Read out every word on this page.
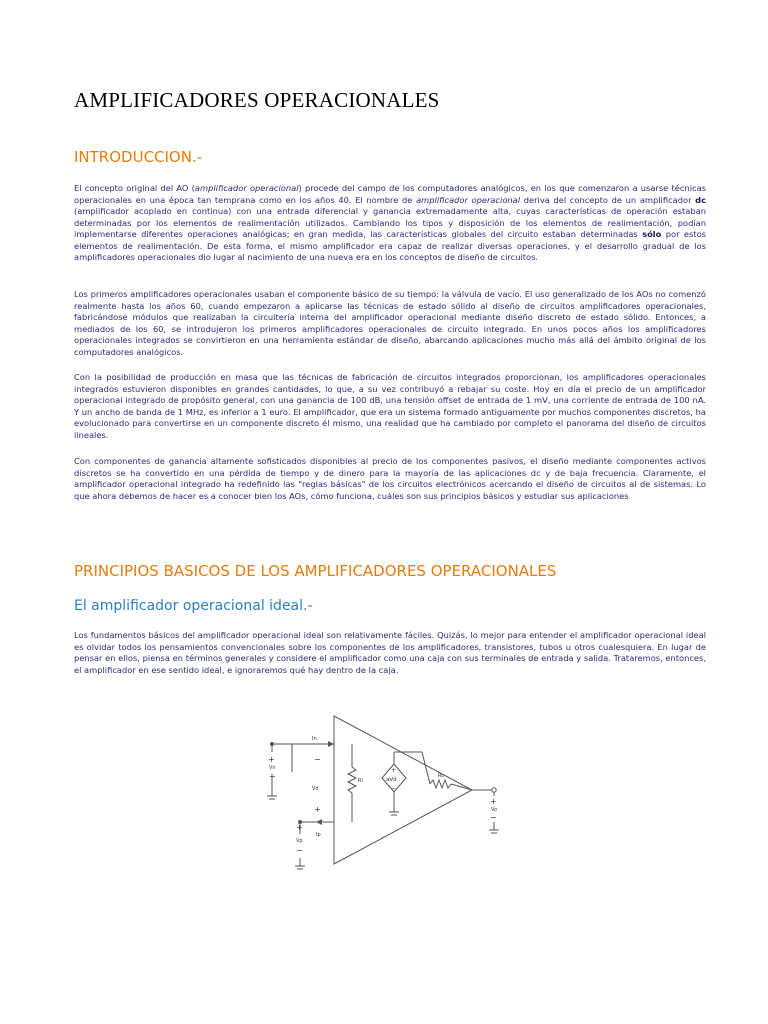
AMPLIFICADORES OPERACIONALES
INTRODUCCION.-

El concepto original del AO (amplificador operacional) procede del campo de los computadores analógicos, en los que comenzaron a usarse técnicas operacionales en una época tan temprana como en los años 40. El nombre de amplificador operacional deriva del concepto de un amplificador dc (amplificador acoplado en continua) con una entrada diferencial y ganancia extremadamente alta, cuyas características de operación estaban determinadas por los elementos de realimentación utilizados. Cambiando los tipos y disposición de los elementos de realimentación, podían implementarse diferentes operaciones analógicas; en gran medida, las características globales del circuito estaban determinadas sólo por estos elementos de realimentación. De esta forma, el mismo amplificador era capaz de realizar diversas operaciones, y el desarrollo gradual de los amplificadores operacionales dio lugar al nacimiento de una nueva era en los conceptos de diseño de circuitos.

Los primeros amplificadores operacionales usaban el componente básico de su tiempo: la válvula de vacío. El uso generalizado de los AOs no comenzó realmente hasta los años 60, cuando empezaron a aplicarse las técnicas de estado sólido al diseño de circuitos amplificadores operacionales, fabricándose módulos que realizaban la circuitería interna del amplificador operacional mediante diseño discreto de estado sólido. Entonces, a mediados de los 60, se introdujeron los primeros amplificadores operacionales de circuito integrado. En unos pocos años los amplificadores operacionales integrados se convirtieron en una herramienta estándar de diseño, abarcando aplicaciones mucho más allá del ámbito original de los computadores analógicos.

Con la posibilidad de producción en masa que las técnicas de fabricación de circuitos integrados proporcionan, los amplificadores operacionales integrados estuvieron disponibles en grandes cantidades, lo que, a su vez contribuyó a rebajar su coste. Hoy en día el precio de un amplificador operacional integrado de propósito general, con una ganancia de 100 dB, una tensión offset de entrada de 1 mV, una corriente de entrada de 100 nA. Y un ancho de banda de 1 MHz, es inferior a 1 euro. El amplificador, que era un sistema formado antiguamente por muchos componentes discretos, ha evolucionado para convertirse en un componente discreto él mismo, una realidad que ha cambiado por completo el panorama del diseño de circuitos lineales.

Con componentes de ganancia altamente sofisticados disponibles al precio de los componentes pasivos, el diseño mediante componentes activos discretos se ha convertido en una pérdida de tiempo y de dinero para la mayoría de las aplicaciones dc y de baja frecuencia. Claramente, el amplificador operacional integrado ha redefinido las "reglas básicas" de los circuitos electrónicos acercando el diseño de circuitos al de sistemas. Lo que ahora debemos de hacer es a conocer bien los AOs, cómo funciona, cuáles son sus principios básicos y estudiar sus aplicaciones

PRINCIPIOS BASICOS DE LOS AMPLIFICADORES OPERACIONALES
El amplificador operacional ideal.-

Los fundamentos básicos del amplificador operacional ideal son relativamente fáciles. Quizás, lo mejor para entender el amplificador operacional ideal es olvidar todos los pensamientos convencionales sobre los componentes de los amplificadores, transistores, tubos u otros cualesquiera. En lugar de pensar en ellos, piensa en términos generales y considere el amplificador como una caja con sus terminales de entrada y salida. Trataremos, entonces, el amplificador en ese sentido ideal, e ignoraremos qué hay dentro de la caja.

In
−
+
Vn
−
Vd
Ri
+
Ip
+
Vp
−
aVd
+
−
Ro
+
Vo
−
